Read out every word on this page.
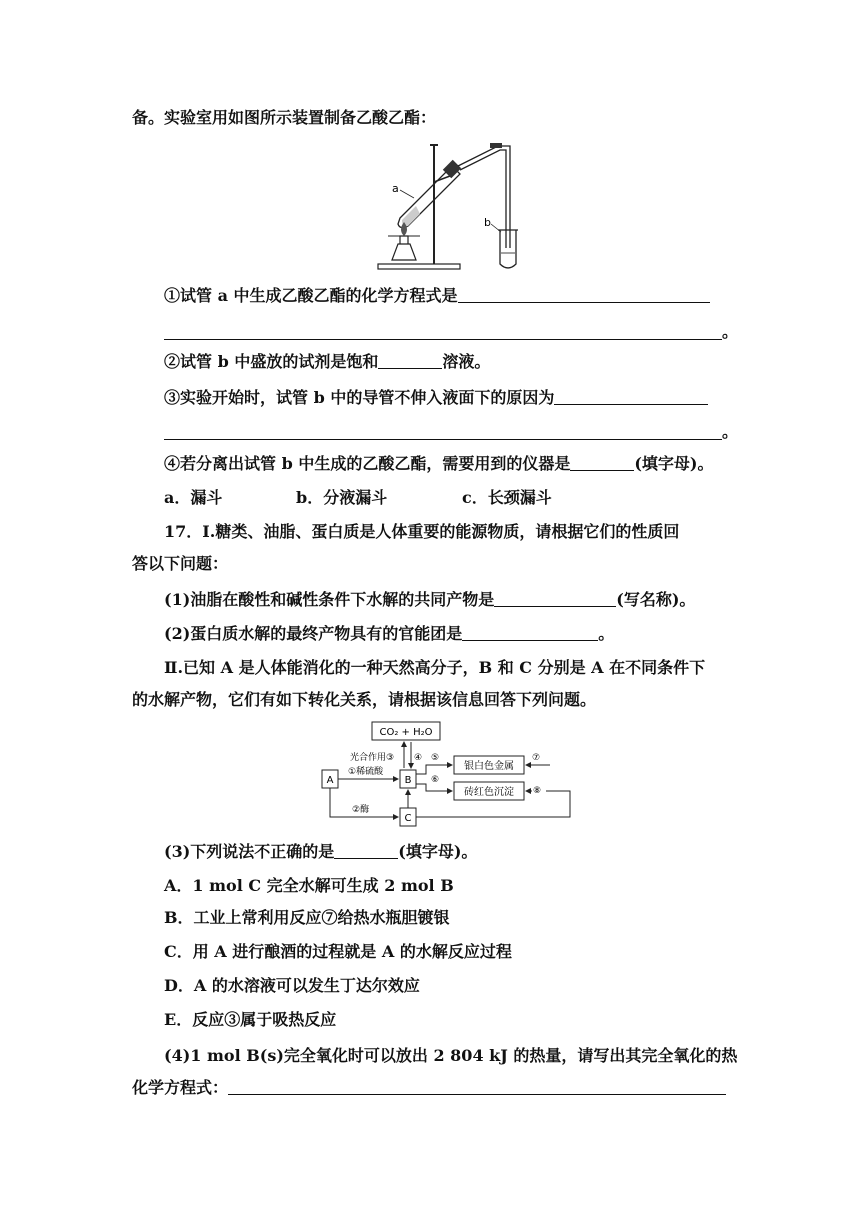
备。实验室用如图所示装置制备乙酸乙酯：
a
b
①试管 a 中生成乙酸乙酯的化学方程式是
。
②试管 b 中盛放的试剂是饱和	溶液。
③实验开始时，试管 b 中的导管不伸入液面下的原因为
。
④若分离出试管 b 中生成的乙酸乙酯，需要用到的仪器是	(填字母)。
a．漏斗	b．分液漏斗	c．长颈漏斗
17．Ⅰ.糖类、油脂、蛋白质是人体重要的能源物质，请根据它们的性质回
答以下问题：
(1)油脂在酸性和碱性条件下水解的共同产物是	(写名称)。
(2)蛋白质水解的最终产物具有的官能团是	。
Ⅱ.已知 A 是人体能消化的一种天然高分子，B 和 C 分别是 A 在不同条件下
的水解产物，它们有如下转化关系，请根据该信息回答下列问题。
CO₂ + H₂O
A	B
C
银白色金属
砖红色沉淀
光合作用③ ④
①稀硫酸
②酶
⑤
⑥
⑦
⑧
(3)下列说法不正确的是	(填字母)。
A．1 mol C 完全水解可生成 2 mol B
B．工业上常利用反应⑦给热水瓶胆镀银
C．用 A 进行酿酒的过程就是 A 的水解反应过程
D．A 的水溶液可以发生丁达尔效应
E．反应③属于吸热反应
(4)1 mol B(s)完全氧化时可以放出 2 804 kJ 的热量，请写出其完全氧化的热
化学方程式：
